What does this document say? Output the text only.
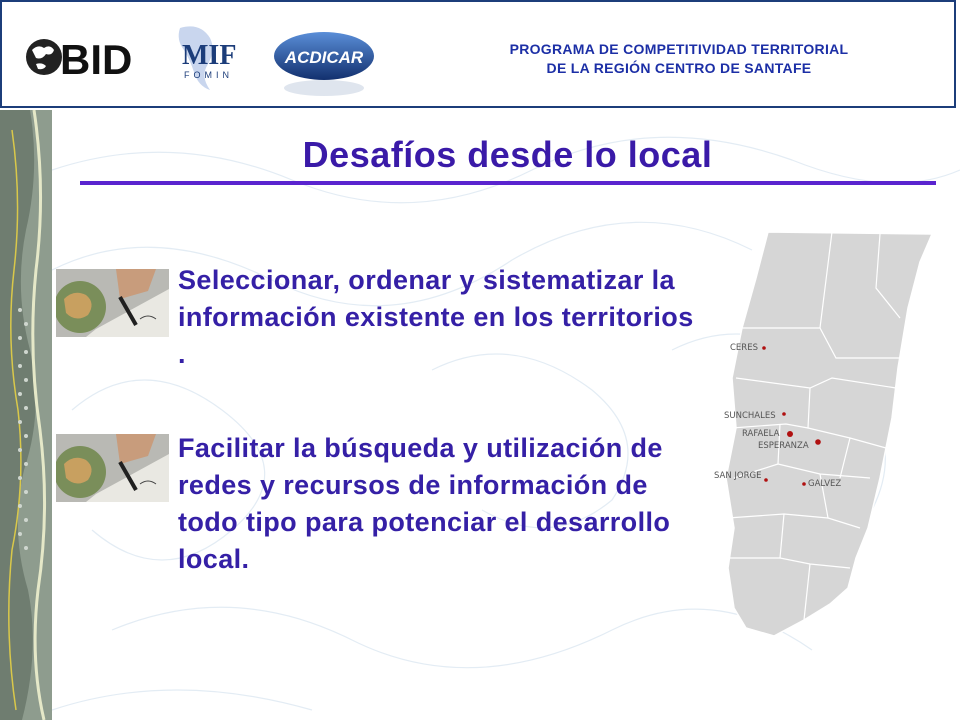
BID MIF
FOMIN
ACDICAR	PROGRAMA DE COMPETITIVIDAD TERRITORIAL
DE LA REGIÓN CENTRO DE SANTAFE
Desafíos desde lo local
Seleccionar, ordenar y sistematizar la información existente en los territorios .
Facilitar la búsqueda y utilización de redes y recursos de información de todo tipo para potenciar el desarrollo local.
CERES
SUNCHALES
RAFAELA
ESPERANZA
SAN JORGE
GALVEZ
